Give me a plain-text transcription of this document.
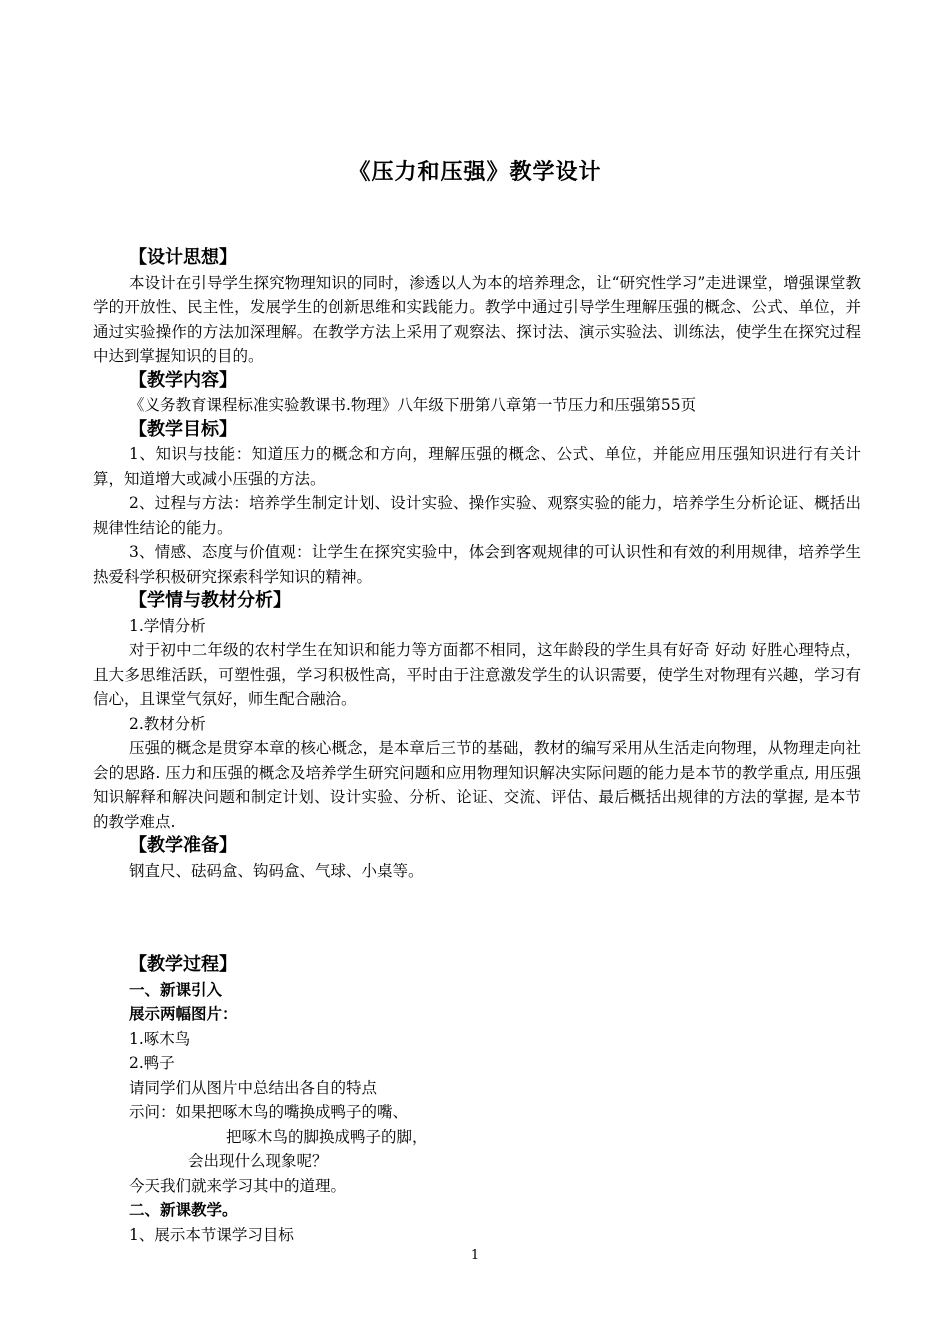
《压力和压强》教学设计

【设计思想】

本设计在引导学生探究物理知识的同时，渗透以人为本的培养理念，让“研究性学习”走进课堂，增强课堂教学的开放性、民主性，发展学生的创新思维和实践能力。教学中通过引导学生理解压强的概念、公式、单位，并通过实验操作的方法加深理解。在教学方法上采用了观察法、探讨法、演示实验法、训练法，使学生在探究过程中达到掌握知识的目的。

【教学内容】

《义务教育课程标准实验教课书.物理》八年级下册第八章第一节压力和压强第55页

【教学目标】

1、知识与技能：知道压力的概念和方向，理解压强的概念、公式、单位，并能应用压强知识进行有关计算，知道增大或减小压强的方法。

2、过程与方法：培养学生制定计划、设计实验、操作实验、观察实验的能力，培养学生分析论证、概括出规律性结论的能力。

3、情感、态度与价值观：让学生在探究实验中，体会到客观规律的可认识性和有效的利用规律，培养学生热爱科学积极研究探索科学知识的精神。

【学情与教材分析】

1.学情分析

对于初中二年级的农村学生在知识和能力等方面都不相同，这年龄段的学生具有好奇 好动 好胜心理特点，且大多思维活跃，可塑性强，学习积极性高，平时由于注意激发学生的认识需要，使学生对物理有兴趣，学习有信心，且课堂气氛好，师生配合融洽。

2.教材分析

压强的概念是贯穿本章的核心概念，是本章后三节的基础，教材的编写采用从生活走向物理，从物理走向社会的思路. 压力和压强的概念及培养学生研究问题和应用物理知识解决实际问题的能力是本节的教学重点, 用压强知识解释和解决问题和制定计划、设计实验、分析、论证、交流、评估、最后概括出规律的方法的掌握, 是本节的教学难点.

【教学准备】

钢直尺、砝码盒、钩码盒、气球、小桌等。

【教学过程】

一、新课引入

展示两幅图片：

1.啄木鸟

2.鸭子

请同学们从图片中总结出各自的特点

示问：如果把啄木鸟的嘴换成鸭子的嘴、

把啄木鸟的脚换成鸭子的脚，

会出现什么现象呢？

今天我们就来学习其中的道理。

二、新课教学。

1、展示本节课学习目标

1
